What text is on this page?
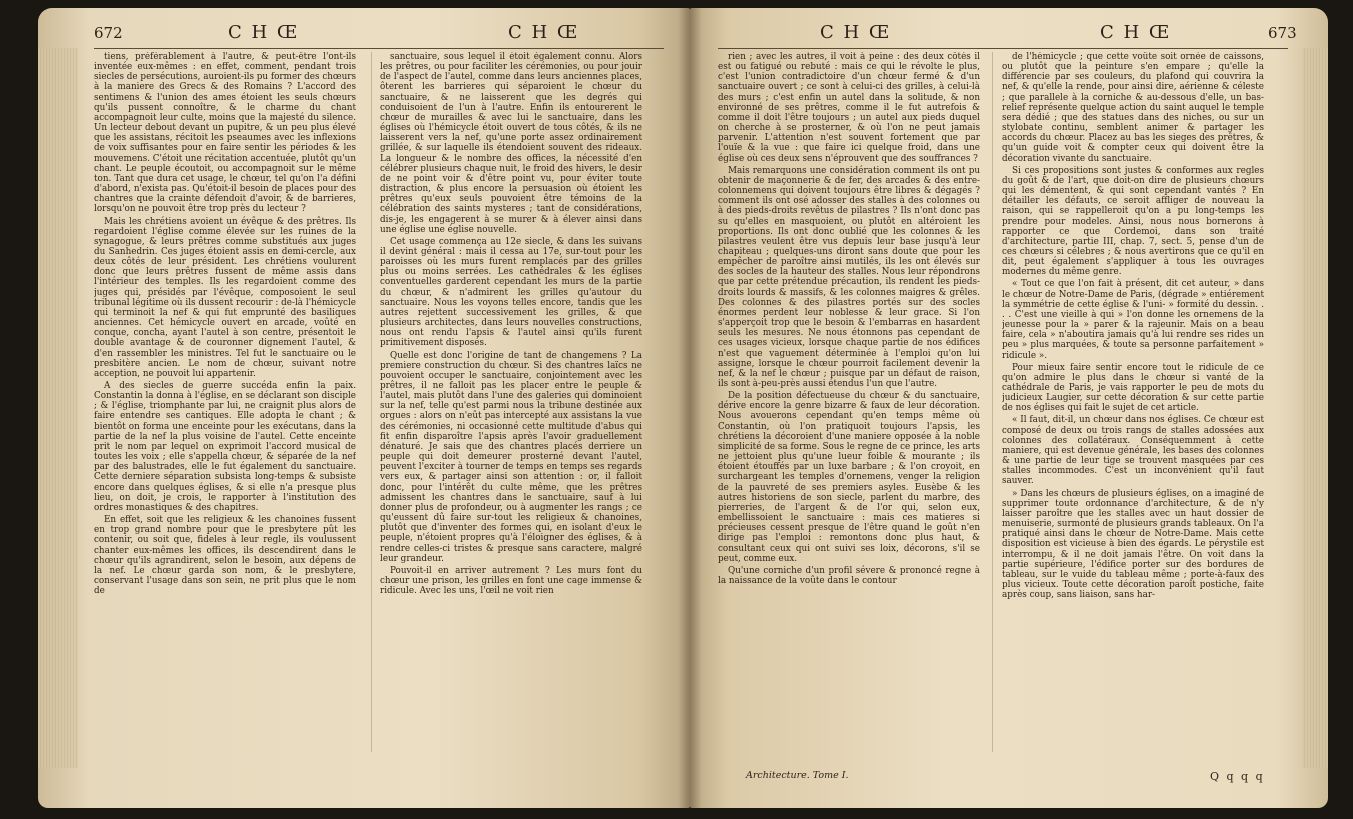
672	C H Œ	C H Œ

tiens, préférablement à l'autre, & peut-être l'ont-ils inventée eux-mêmes : en effet, comment, pendant trois siecles de persécutions, auroient-ils pu former des chœurs à la maniere des Grecs & des Romains ? L'accord des sentimens & l'union des ames étoient les seuls chœurs qu'ils pussent connoître, & le charme du chant accompagnoit leur culte, moins que la majesté du silence. Un lecteur debout devant un pupitre, & un peu plus élevé que les assistans, récitoit les pseaumes avec les inflexions de voix suffisantes pour en faire sentir les périodes & les mouvemens. C'étoit une récitation accentuée, plutôt qu'un chant. Le peuple écoutoit, ou accompagnoit sur le même ton. Tant que dura cet usage, le chœur, tel qu'on l'a défini d'abord, n'exista pas. Qu'étoit-il besoin de places pour des chantres que la crainte défendoit d'avoir, & de barrieres, lorsqu'on ne pouvoit être trop près du lecteur ?

Mais les chrétiens avoient un évêque & des prêtres. Ils regardoient l'église comme élevée sur les ruines de la synagogue, & leurs prêtres comme substitués aux juges du Sanhedrin. Ces juges étoient assis en demi-cercle, aux deux côtés de leur président. Les chrétiens voulurent donc que leurs prêtres fussent de même assis dans l'intérieur des temples. Ils les regardoient comme des juges qui, présidés par l'évêque, composoient le seul tribunal légitime où ils dussent recourir : de-là l'hémicycle qui terminoit la nef & qui fut emprunté des basiliques anciennes. Cet hémicycle ouvert en arcade, voûté en conque, concha, ayant l'autel à son centre, présentoit le double avantage & de couronner dignement l'autel, & d'en rassembler les ministres. Tel fut le sanctuaire ou le presbitère ancien. Le nom de chœur, suivant notre acception, ne pouvoit lui appartenir.

A des siecles de guerre succéda enfin la paix. Constantin la donna à l'église, en se déclarant son disciple ; & l'église, triomphante par lui, ne craignit plus alors de faire entendre ses cantiques. Elle adopta le chant ; & bientôt on forma une enceinte pour les exécutans, dans la partie de la nef la plus voisine de l'autel. Cette enceinte prit le nom par lequel on exprimoit l'accord musical de toutes les voix ; elle s'appella chœur, & séparée de la nef par des balustrades, elle le fut également du sanctuaire. Cette derniere séparation subsista long-temps & subsiste encore dans quelques églises, & si elle n'a presque plus lieu, on doit, je crois, le rapporter à l'institution des ordres monastiques & des chapitres.

En effet, soit que les religieux & les chanoines fussent en trop grand nombre pour que le presbytere pût les contenir, ou soit que, fideles à leur regle, ils voulussent chanter eux-mêmes les offices, ils descendirent dans le chœur qu'ils agrandirent, selon le besoin, aux dépens de la nef. Le chœur garda son nom, & le presbytere, conservant l'usage dans son sein, ne prit plus que le nom de

sanctuaire, sous lequel il étoit également connu. Alors les prêtres, ou pour faciliter les cérémonies, ou pour jouir de l'aspect de l'autel, comme dans leurs anciennes places, ôterent les barrieres qui séparoient le chœur du sanctuaire, & ne laisserent que les degrés qui conduisoient de l'un à l'autre. Enfin ils entourerent le chœur de murailles & avec lui le sanctuaire, dans les églises où l'hémicycle étoit ouvert de tous côtés, & ils ne laisserent vers la nef, qu'une porte assez ordinairement grillée, & sur laquelle ils étendoient souvent des rideaux. La longueur & le nombre des offices, la nécessité d'en célébrer plusieurs chaque nuit, le froid des hivers, le desir de ne point voir & d'être point vu, pour éviter toute distraction, & plus encore la persuasion où étoient les prêtres qu'eux seuls pouvoient être témoins de la célébration des saints mysteres ; tant de considérations, dis-je, les engagerent à se murer & à élever ainsi dans une église une église nouvelle.

Cet usage commença au 12e siecle, & dans les suivans il devint général : mais il cessa au 17e, sur-tout pour les paroisses où les murs furent remplacés par des grilles plus ou moins serrées. Les cathédrales & les églises conventuelles garderent cependant les murs de la partie du chœur, & n'admirent les grilles qu'autour du sanctuaire. Nous les voyons telles encore, tandis que les autres rejettent successivement les grilles, & que plusieurs architectes, dans leurs nouvelles constructions, nous ont rendu l'apsis & l'autel ainsi qu'ils furent primitivement disposés.

Quelle est donc l'origine de tant de changemens ? La premiere construction du chœur. Si des chantres laïcs ne pouvoient occuper le sanctuaire, conjointement avec les prêtres, il ne falloit pas les placer entre le peuple & l'autel, mais plutôt dans l'une des galeries qui dominoient sur la nef, telle qu'est parmi nous la tribune destinée aux orgues : alors on n'eût pas intercepté aux assistans la vue des cérémonies, ni occasionné cette multitude d'abus qui fit enfin disparoître l'apsis après l'avoir graduellement dénaturé. Je sais que des chantres placés derriere un peuple qui doit demeurer prosterné devant l'autel, peuvent l'exciter à tourner de temps en temps ses regards vers eux, & partager ainsi son attention : or, il falloit donc, pour l'intérêt du culte même, que les prêtres admissent les chantres dans le sanctuaire, sauf à lui donner plus de profondeur, ou à augmenter les rangs ; ce qu'eussent dû faire sur-tout les religieux & chanoines, plutôt que d'inventer des formes qui, en isolant d'eux le peuple, n'étoient propres qu'à l'éloigner des églises, & à rendre celles-ci tristes & presque sans caractere, malgré leur grandeur.

Pouvoit-il en arriver autrement ? Les murs font du chœur une prison, les grilles en font une cage immense & ridicule. Avec les uns, l'œil ne voit rien

C H Œ	C H Œ	673

rien ; avec les autres, il voit à peine : des deux côtés il est ou fatigué ou rebuté : mais ce qui le révolte le plus, c'est l'union contradictoire d'un chœur fermé & d'un sanctuaire ouvert ; ce sont à celui-ci des grilles, à celui-là des murs ; c'est enfin un autel dans la solitude, & non environné de ses prêtres, comme il le fut autrefois & comme il doit l'être toujours ; un autel aux pieds duquel on cherche à se prosterner, & où l'on ne peut jamais parvenir. L'attention n'est souvent fortement que par l'ouïe & la vue : que faire ici quelque froid, dans une église où ces deux sens n'éprouvent que des souffrances ?

Mais remarquons une considération comment ils ont pu obtenir de maçonnerie & de fer, des arcades & des entre-colonnemens qui doivent toujours être libres & dégagés ? comment ils ont osé adosser des stalles à des colonnes ou à des pieds-droits revêtus de pilastres ? Ils n'ont donc pas su qu'elles en masquoient, ou plutôt en altéroient les proportions. Ils ont donc oublié que les colonnes & les pilastres veulent être vus depuis leur base jusqu'à leur chapiteau ; quelques-uns diront sans doute que pour les empêcher de paroître ainsi mutilés, ils les ont élevés sur des socles de la hauteur des stalles. Nous leur répondrons que par cette prétendue précaution, ils rendent les pieds-droits lourds & massifs, & les colonnes maigres & grêles. Des colonnes & des pilastres portés sur des socles énormes perdent leur noblesse & leur grace. Si l'on s'apperçoit trop que le besoin & l'embarras en hasardent seuls les mesures. Ne nous étonnons pas cependant de ces usages vicieux, lorsque chaque partie de nos édifices n'est que vaguement déterminée à l'emploi qu'on lui assigne, lorsque le chœur pourroit facilement devenir la nef, & la nef le chœur ; puisque par un défaut de raison, ils sont à-peu-près aussi étendus l'un que l'autre.

De la position défectueuse du chœur & du sanctuaire, dérive encore la genre bizarre & faux de leur décoration. Nous avouerons cependant qu'en temps même où Constantin, où l'on pratiquoit toujours l'apsis, les chrétiens la décoroient d'une maniere opposée à la noble simplicité de sa forme. Sous le regne de ce prince, les arts ne jettoient plus qu'une lueur foible & mourante ; ils étoient étouffés par un luxe barbare ; & l'on croyoit, en surchargeant les temples d'ornemens, venger la religion de la pauvreté de ses premiers asyles. Eusèbe & les autres historiens de son siecle, parlent du marbre, des pierreries, de l'argent & de l'or qui, selon eux, embellissoient le sanctuaire : mais ces matieres si précieuses cessent presque de l'être quand le goût n'en dirige pas l'emploi : remontons donc plus haut, & consultant ceux qui ont suivi ses loix, décorons, s'il se peut, comme eux.

Qu'une corniche d'un profil sévere & prononcé regne à la naissance de la voûte dans le contour

de l'hémicycle ; que cette voûte soit ornée de caissons, ou plutôt que la peinture s'en empare ; qu'elle la différencie par ses couleurs, du plafond qui couvrira la nef, & qu'elle la rende, pour ainsi dire, aérienne & céleste ; que parallele à la corniche & au-dessous d'elle, un bas-relief représente quelque action du saint auquel le temple sera dédié ; que des statues dans des niches, ou sur un stylobate continu, semblent animer & partager les accords du chœur. Placez au bas les sieges des prêtres, & qu'un guide voit & compter ceux qui doivent être la décoration vivante du sanctuaire.

Si ces propositions sont justes & conformes aux regles du goût & de l'art, que doit-on dire de plusieurs chœurs qui les démentent, & qui sont cependant vantés ? En détailler les défauts, ce seroit affliger de nouveau la raison, qui se rappelleroit qu'on a pu long-temps les prendre pour modeles. Ainsi, nous nous bornerons à rapporter ce que Cordemoi, dans son traité d'architecture, partie III, chap. 7, sect. 5, pense d'un de ces chœurs si célebres ; & nous avertirons que ce qu'il en dit, peut également s'appliquer à tous les ouvrages modernes du même genre.

« Tout ce que l'on fait à présent, dit cet auteur, » dans le chœur de Notre-Dame de Paris, (dégrade » entiérement la symmétrie de cette église & l'uni- » formité du dessin. . . . C'est une vieille à qui » l'on donne les ornemens de la jeunesse pour la » parer & la rajeunir. Mais on a beau faire, cela » n'aboutira jamais qu'à lui rendre ses rides un peu » plus marquées, & toute sa personne parfaitement » ridicule ».

Pour mieux faire sentir encore tout le ridicule de ce qu'on admire le plus dans le chœur si vanté de la cathédrale de Paris, je vais rapporter le peu de mots du judicieux Laugier, sur cette décoration & sur cette partie de nos églises qui fait le sujet de cet article.

« Il faut, dit-il, un chœur dans nos églises. Ce chœur est composé de deux ou trois rangs de stalles adossées aux colonnes des collatéraux. Conséquemment à cette maniere, qui est devenue générale, les bases des colonnes & une partie de leur tige se trouvent masquées par ces stalles incommodes. C'est un inconvénient qu'il faut sauver.

» Dans les chœurs de plusieurs églises, on a imaginé de supprimer toute ordonnance d'architecture, & de n'y laisser paroître que les stalles avec un haut dossier de menuiserie, surmonté de plusieurs grands tableaux. On l'a pratiqué ainsi dans le chœur de Notre-Dame. Mais cette disposition est vicieuse à bien des égards. Le pérystile est interrompu, & il ne doit jamais l'être. On voit dans la partie supérieure, l'édifice porter sur des bordures de tableau, sur le vuide du tableau même ; porte-à-faux des plus vicieux. Toute cette décoration paroît postiche, faite après coup, sans liaison, sans har-

Architecture. Tome I.	Q q q q
